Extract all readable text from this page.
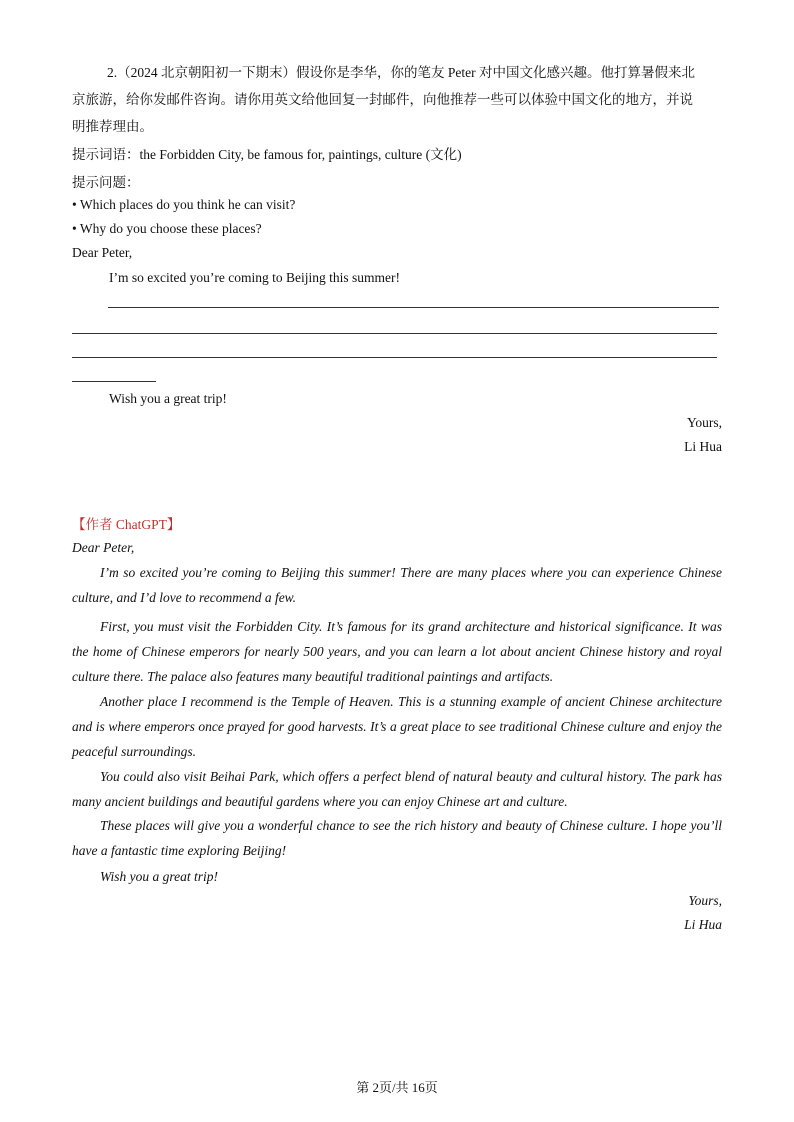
2.（2024 北京朝阳初一下期末）假设你是李华，你的笔友 Peter 对中国文化感兴趣。他打算暑假来北
京旅游，给你发邮件咨询。请你用英文给他回复一封邮件，向他推荐一些可以体验中国文化的地方，并说
明推荐理由。
提示词语：the Forbidden City, be famous for, paintings, culture (文化)
提示问题：
• Which places do you think he can visit?
• Why do you choose these places?
Dear Peter,
I’m so excited you’re coming to Beijing this summer!
Wish you a great trip!
Yours,
Li Hua
【作者 ChatGPT】
Dear Peter,
I’m so excited you’re coming to Beijing this summer! There are many places where you can experience Chinese culture, and I’d love to recommend a few.
First, you must visit the Forbidden City. It’s famous for its grand architecture and historical significance. It was the home of Chinese emperors for nearly 500 years, and you can learn a lot about ancient Chinese history and royal culture there. The palace also features many beautiful traditional paintings and artifacts.
Another place I recommend is the Temple of Heaven. This is a stunning example of ancient Chinese architecture and is where emperors once prayed for good harvests. It’s a great place to see traditional Chinese culture and enjoy the peaceful surroundings.
You could also visit Beihai Park, which offers a perfect blend of natural beauty and cultural history. The park has many ancient buildings and beautiful gardens where you can enjoy Chinese art and culture.
These places will give you a wonderful chance to see the rich history and beauty of Chinese culture. I hope you’ll have a fantastic time exploring Beijing!
Wish you a great trip!
Yours,
Li Hua
第 2页/共 16页
